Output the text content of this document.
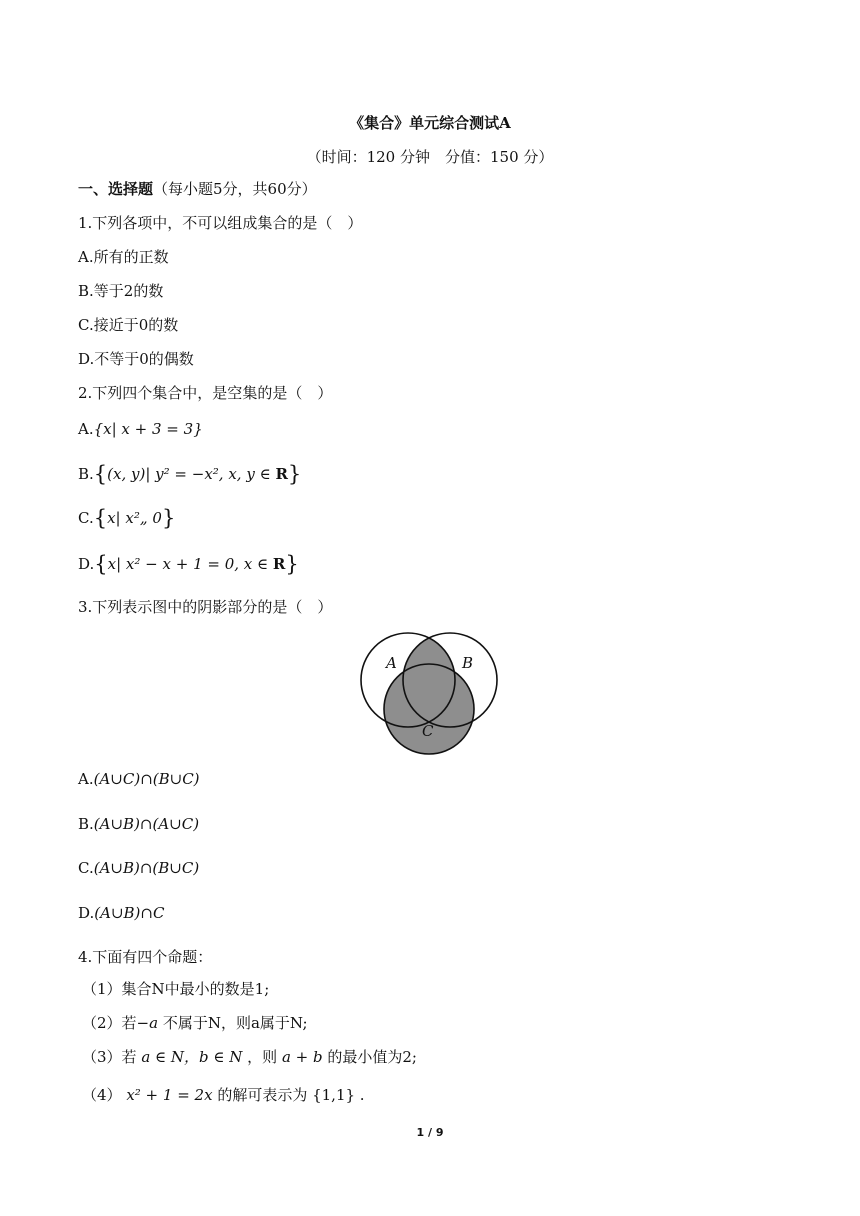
《集合》单元综合测试A
（时间：120 分钟　分值：150 分）
一、选择题（每小题5分，共60分）
1.下列各项中，不可以组成集合的是（　）
A.所有的正数
B.等于2的数
C.接近于0的数
D.不等于0的偶数
2.下列四个集合中，是空集的是（　）
A.{x| x + 3 = 3}
B.{(x, y)| y² = −x², x, y ∈ R}
C.{x| x²„ 0}
D.{x| x² − x + 1 = 0, x ∈ R}
3.下列表示图中的阴影部分的是（　）
A	B
C
A.(A∪C)∩(B∪C)
B.(A∪B)∩(A∪C)
C.(A∪B)∩(B∪C)
D.(A∪B)∩C
4.下面有四个命题：
（1）集合N中最小的数是1;
（2）若−a 不属于N，则a属于N;
（3）若 a ∈ N，b ∈ N ，则 a + b 的最小值为2;
（4） x² + 1 = 2x 的解可表示为 {1,1} .
1 / 9
